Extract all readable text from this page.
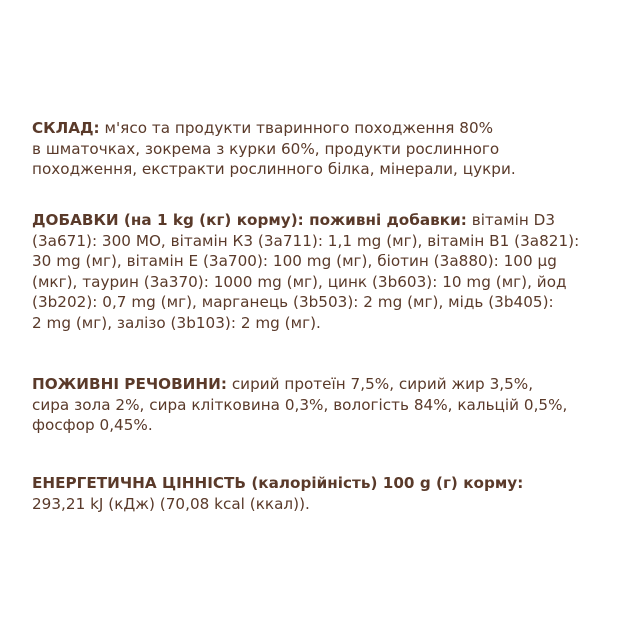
СКЛАД: м'ясо та продукти тваринного походження 80%
в шматочках, зокрема з курки 60%, продукти рослинного
походження, екстракти рослинного білка, мінерали, цукри.
ДОБАВКИ (на 1 kg (кг) корму): поживні добавки: вітамін D3
(3a671): 300 МО, вітамін К3 (3a711): 1,1 mg (мг), вітамін В1 (3a821):
30 mg (мг), вітамін Е (3a700): 100 mg (мг), біотин (3a880): 100 µg
(мкг), таурин (3a370): 1000 mg (мг), цинк (3b603): 10 mg (мг), йод
(3b202): 0,7 mg (мг), марганець (3b503): 2 mg (мг), мідь (3b405):
2 mg (мг), залізо (3b103): 2 mg (мг).
ПОЖИВНІ РЕЧОВИНИ: сирий протеїн 7,5%, сирий жир 3,5%,
сира зола 2%, сира клітковина 0,3%, вологість 84%, кальцій 0,5%,
фосфор 0,45%.
ЕНЕРГЕТИЧНА ЦІННІСТЬ (калорійність) 100 g (г) корму:
293,21 kJ (кДж) (70,08 kcal (ккал)).
